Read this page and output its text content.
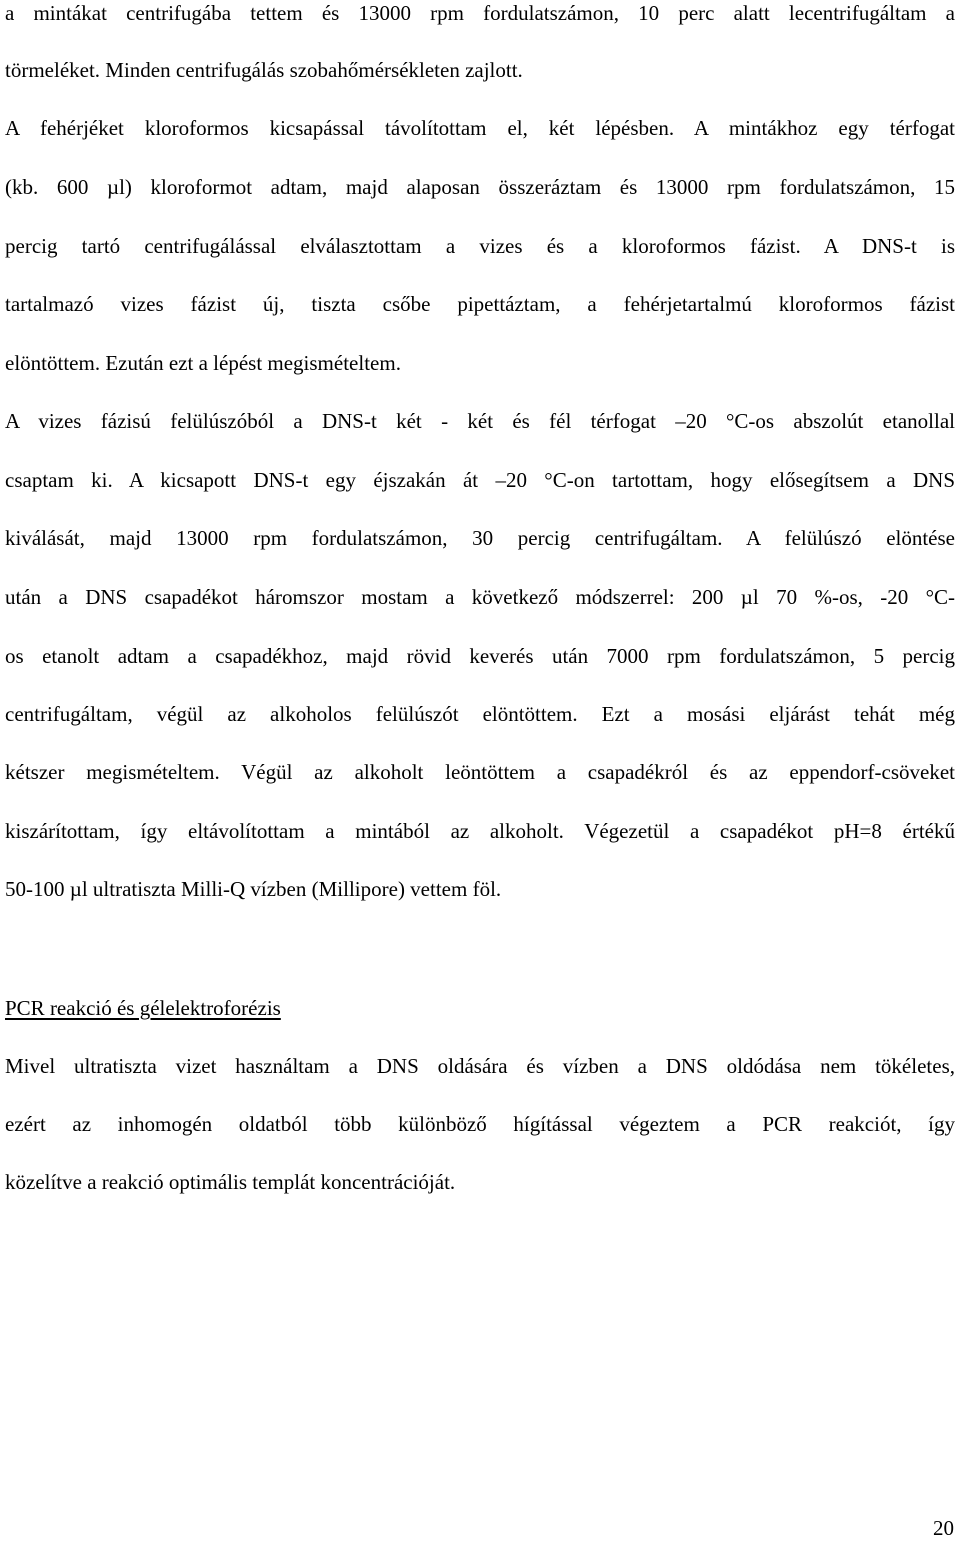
a mintákat centrifugába tettem és 13000 rpm fordulatszámon, 10 perc alatt lecentrifugáltam a
törmeléket. Minden centrifugálás szobahőmérsékleten zajlott.
A fehérjéket kloroformos kicsapással távolítottam el, két lépésben. A mintákhoz egy térfogat
(kb. 600 µl) kloroformot adtam, majd alaposan összeráztam és 13000 rpm fordulatszámon, 15
percig tartó centrifugálással elválasztottam a vizes és a kloroformos fázist. A DNS-t is
tartalmazó vizes fázist új, tiszta csőbe pipettáztam, a fehérjetartalmú kloroformos fázist
elöntöttem. Ezután ezt a lépést megismételtem.
A vizes fázisú felülúszóból a DNS-t két - két és fél térfogat –20 °C-os abszolút etanollal
csaptam ki. A kicsapott DNS-t egy éjszakán át –20 °C-on tartottam, hogy elősegítsem a DNS
kiválását, majd 13000 rpm fordulatszámon, 30 percig centrifugáltam. A felülúszó elöntése
után a DNS csapadékot háromszor mostam a következő módszerrel: 200 µl 70 %-os, -20 °C-
os etanolt adtam a csapadékhoz, majd rövid keverés után 7000 rpm fordulatszámon, 5 percig
centrifugáltam, végül az alkoholos felülúszót elöntöttem. Ezt a mosási eljárást tehát még
kétszer megismételtem. Végül az alkoholt leöntöttem a csapadékról és az eppendorf-csöveket
kiszárítottam, így eltávolítottam a mintából az alkoholt. Végezetül a csapadékot pH=8 értékű
50-100 µl ultratiszta Milli-Q vízben (Millipore) vettem föl.
PCR reakció és gélelektroforézis
Mivel ultratiszta vizet használtam a DNS oldására és vízben a DNS oldódása nem tökéletes,
ezért az inhomogén oldatból több különböző hígítással végeztem a PCR reakciót, így
közelítve a reakció optimális templát koncentrációját.
20
